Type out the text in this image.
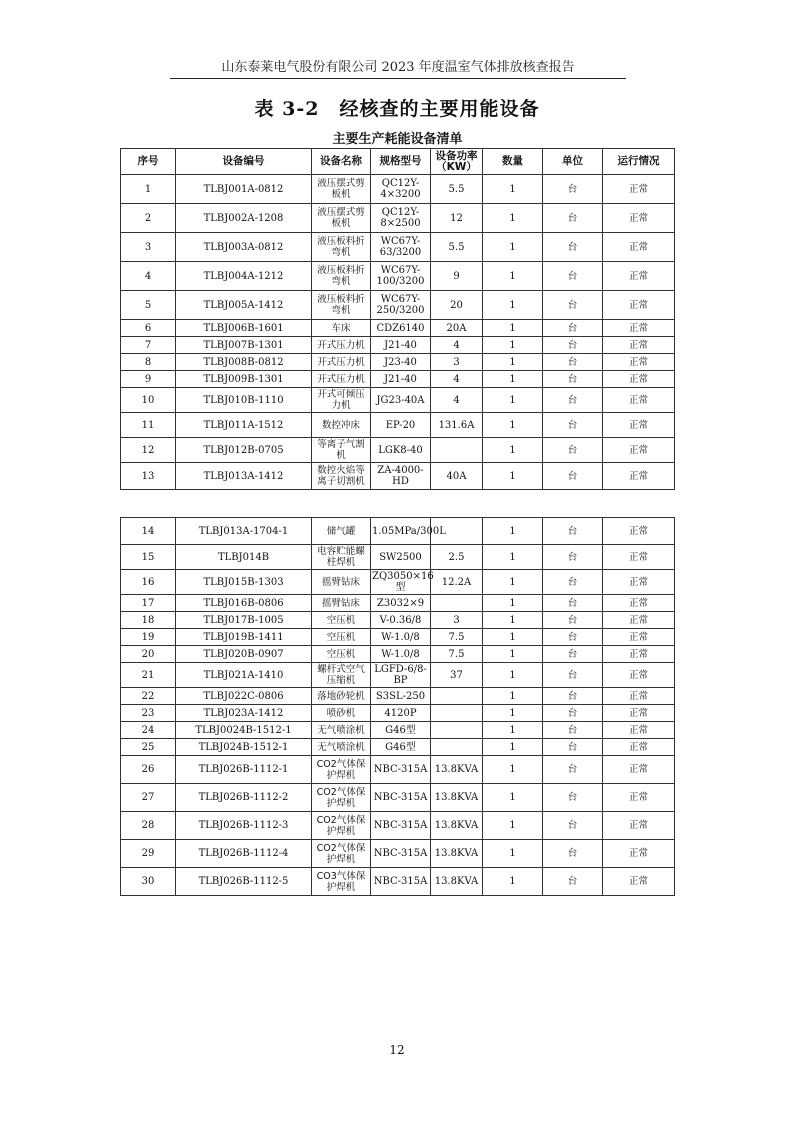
山东泰莱电气股份有限公司 2023 年度温室气体排放核查报告
表 3-2　经核查的主要用能设备
主要生产耗能设备清单							
序号	设备编号	设备名称	规格型号	设备功率（KW）	数量	单位	运行情况
1	TLBJ001A-0812	液压摆式剪板机	QC12Y-4×3200	5.5	1	台	正常
2	TLBJ002A-1208	液压摆式剪板机	QC12Y-8×2500	12	1	台	正常
3	TLBJ003A-0812	液压板料折弯机	WC67Y-63/3200	5.5	1	台	正常
4	TLBJ004A-1212	液压板料折弯机	WC67Y-100/3200	9	1	台	正常
5	TLBJ005A-1412	液压板料折弯机	WC67Y-250/3200	20	1	台	正常
6	TLBJ006B-1601	车床	CDZ6140	20A	1	台	正常
7	TLBJ007B-1301	开式压力机	J21-40	4	1	台	正常
8	TLBJ008B-0812	开式压力机	J23-40	3	1	台	正常
9	TLBJ009B-1301	开式压力机	J21-40	4	1	台	正常
10	TLBJ010B-1110	开式可倾压力机	JG23-40A	4	1	台	正常
11	TLBJ011A-1512	数控冲床	EP-20	131.6A	1	台	正常
12	TLBJ012B-0705	等离子气割机	LGK8-40		1	台	正常
13	TLBJ013A-1412	数控火焰等离子切割机	ZA-4000-HD	40A	1	台	正常
14	TLBJ013A-1704-1	储气罐	1.05MPa/300L		1	台	正常
15	TLBJ014B	电容贮能螺柱焊机	SW2500	2.5	1	台	正常
16	TLBJ015B-1303	摇臂钻床	ZQ3050×16型	12.2A	1	台	正常
17	TLBJ016B-0806	摇臂钻床	Z3032×9		1	台	正常
18	TLBJ017B-1005	空压机	V-0.36/8	3	1	台	正常
19	TLBJ019B-1411	空压机	W-1.0/8	7.5	1	台	正常
20	TLBJ020B-0907	空压机	W-1.0/8	7.5	1	台	正常
21	TLBJ021A-1410	螺杆式空气压缩机	LGFD-6/8-BP	37	1	台	正常
22	TLBJ022C-0806	落地砂轮机	S3SL-250		1	台	正常
23	TLBJ023A-1412	喷砂机	4120P		1	台	正常
24	TLBJ0024B-1512-1	无气喷涂机	G46型		1	台	正常
25	TLBJ024B-1512-1	无气喷涂机	G46型		1	台	正常
26	TLBJ026B-1112-1	CO2气体保护焊机	NBC-315A	13.8KVA	1	台	正常
27	TLBJ026B-1112-2	CO2气体保护焊机	NBC-315A	13.8KVA	1	台	正常
28	TLBJ026B-1112-3	CO2气体保护焊机	NBC-315A	13.8KVA	1	台	正常
29	TLBJ026B-1112-4	CO2气体保护焊机	NBC-315A	13.8KVA	1	台	正常
30	TLBJ026B-1112-5	CO3气体保护焊机	NBC-315A	13.8KVA	1	台	正常
12
